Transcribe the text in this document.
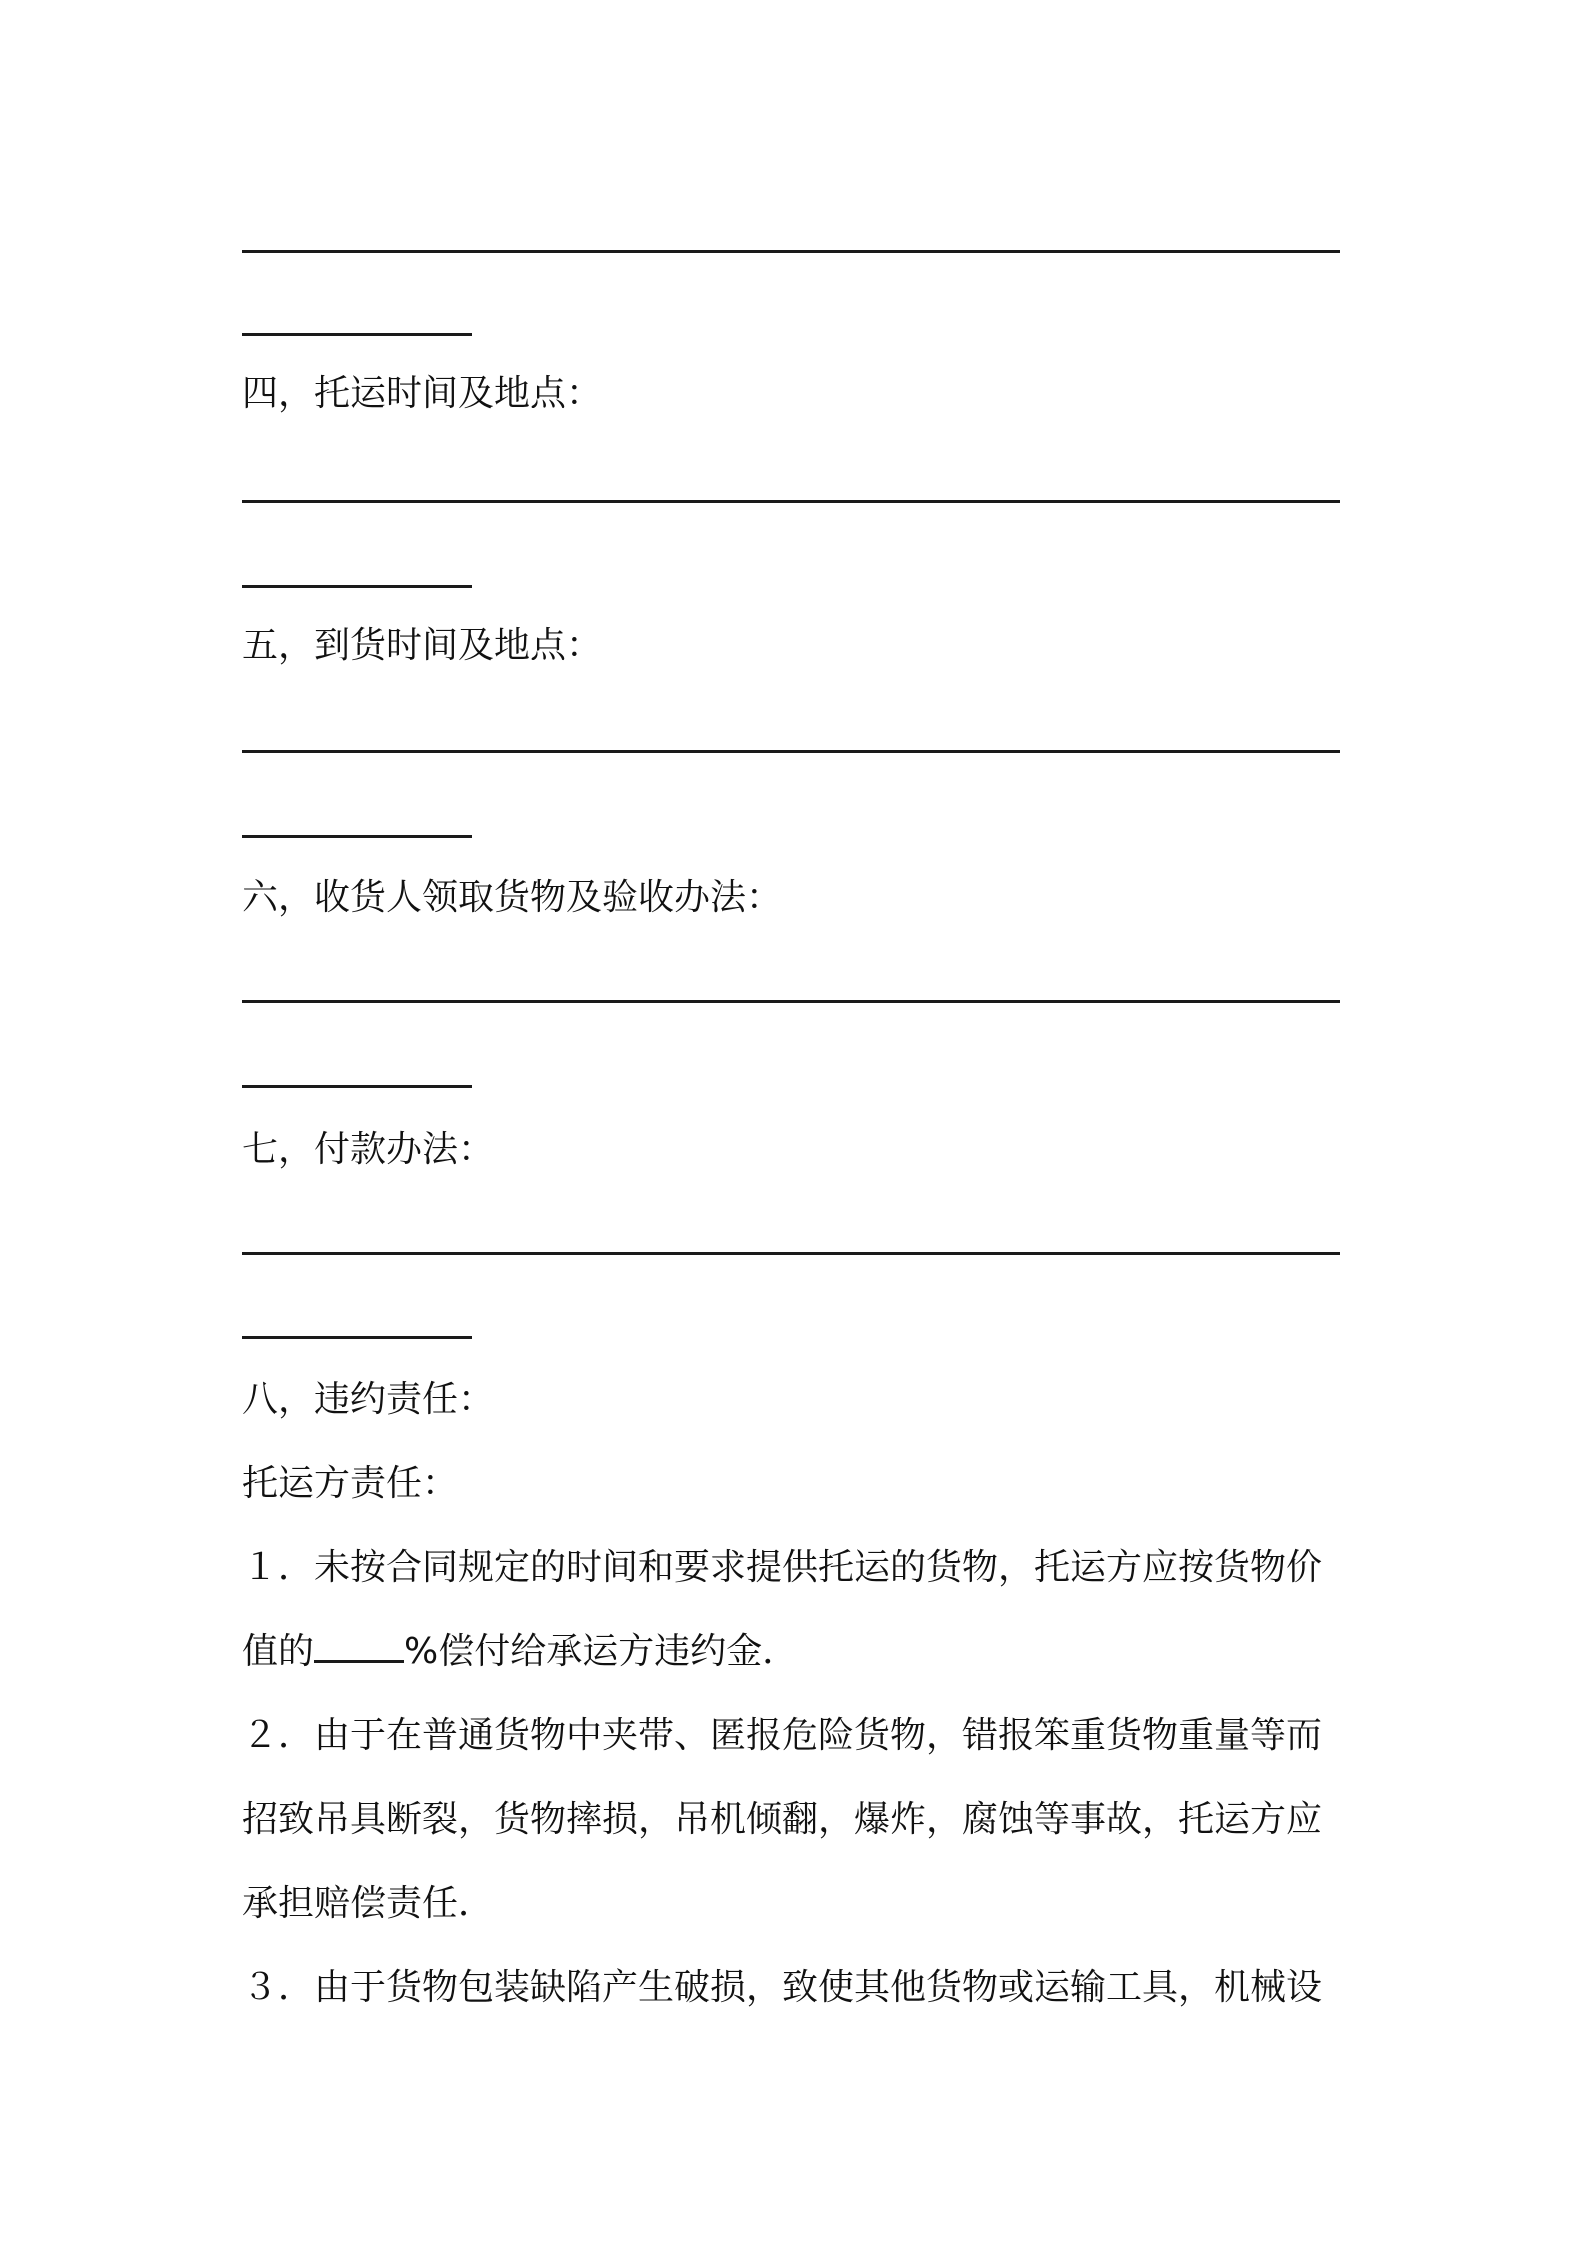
四，托运时间及地点：
五，到货时间及地点：
六，收货人领取货物及验收办法：
七，付款办法：
八，违约责任：
托运方责任：
１．未按合同规定的时间和要求提供托运的货物，托运方应按货物价
值的	%偿付给承运方违约金．
２．由于在普通货物中夹带、匿报危险货物，错报笨重货物重量等而
招致吊具断裂，货物摔损，吊机倾翻，爆炸，腐蚀等事故，托运方应
承担赔偿责任．
３．由于货物包装缺陷产生破损，致使其他货物或运输工具，机械设
